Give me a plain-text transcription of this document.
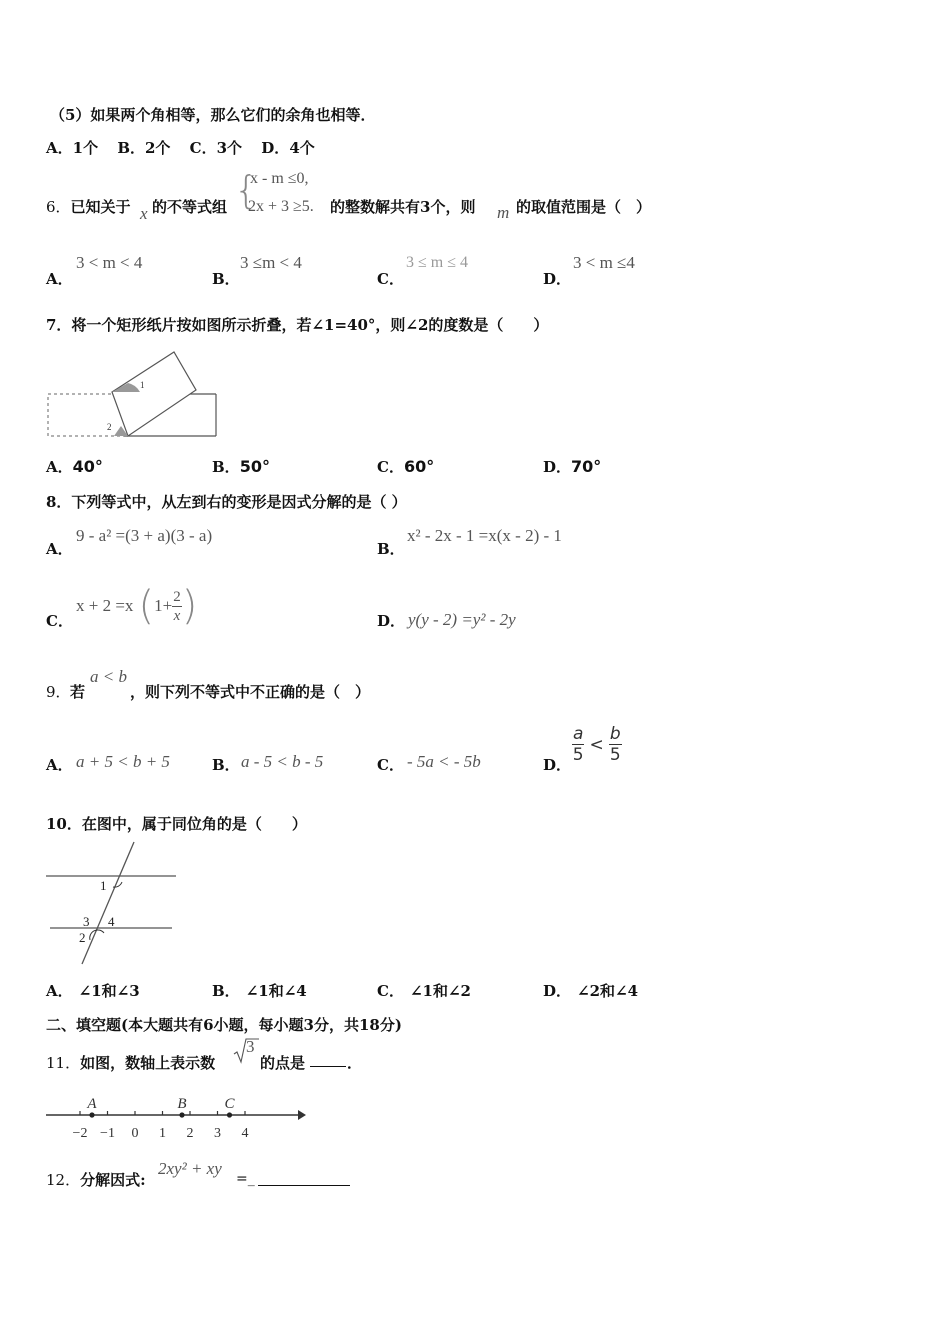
（5）如果两个角相等，那么它们的余角也相等．
A．1个 B．2个 C．3个 D．4个
6．已知关于 x 的不等式组 {
x - m ≤0,
2x + 3 ≥5. 的整数解共有3个，则 m 的取值范围是（　）
A．
3 < m < 4
B．
3 ≤m < 4
C．
3 ≤ m ≤ 4
D．
3 < m ≤4
7．将一个矩形纸片按如图所示折叠，若∠1=40°，则∠2的度数是（　　）
1
2
A．40°	B．50°	C．60°	D．70°
8．下列等式中，从左到右的变形是因式分解的是（ ）
A．
9 - a² =(3 + a)(3 - a)
B．
x² - 2x - 1 =x(x - 2) - 1
C．
x + 2 =x ($1+ \frac{2}{x}$ )	D． y(y - 2) =y² - 2y
9． 若
a < b
，则下列不等式中不正确的是（　）
A． a + 5 < b + 5	B． a - 5 < b - 5	C． - 5a < - 5b	D． $\frac{a}{5} < \frac{b}{5}$
10．在图中，属于同位角的是（　　）
1
3 4
2
A． ∠1和∠3	B． ∠1和∠4	C． ∠1和∠2	D． ∠2和∠4
二、填空题(本大题共有6小题，每小题3分，共18分)
11．如图，数轴上表示数
3
的点是	．
−2 −1 0 1 2 3 4
A	B	C
12．分解因式:
2xy² + xy
=_
